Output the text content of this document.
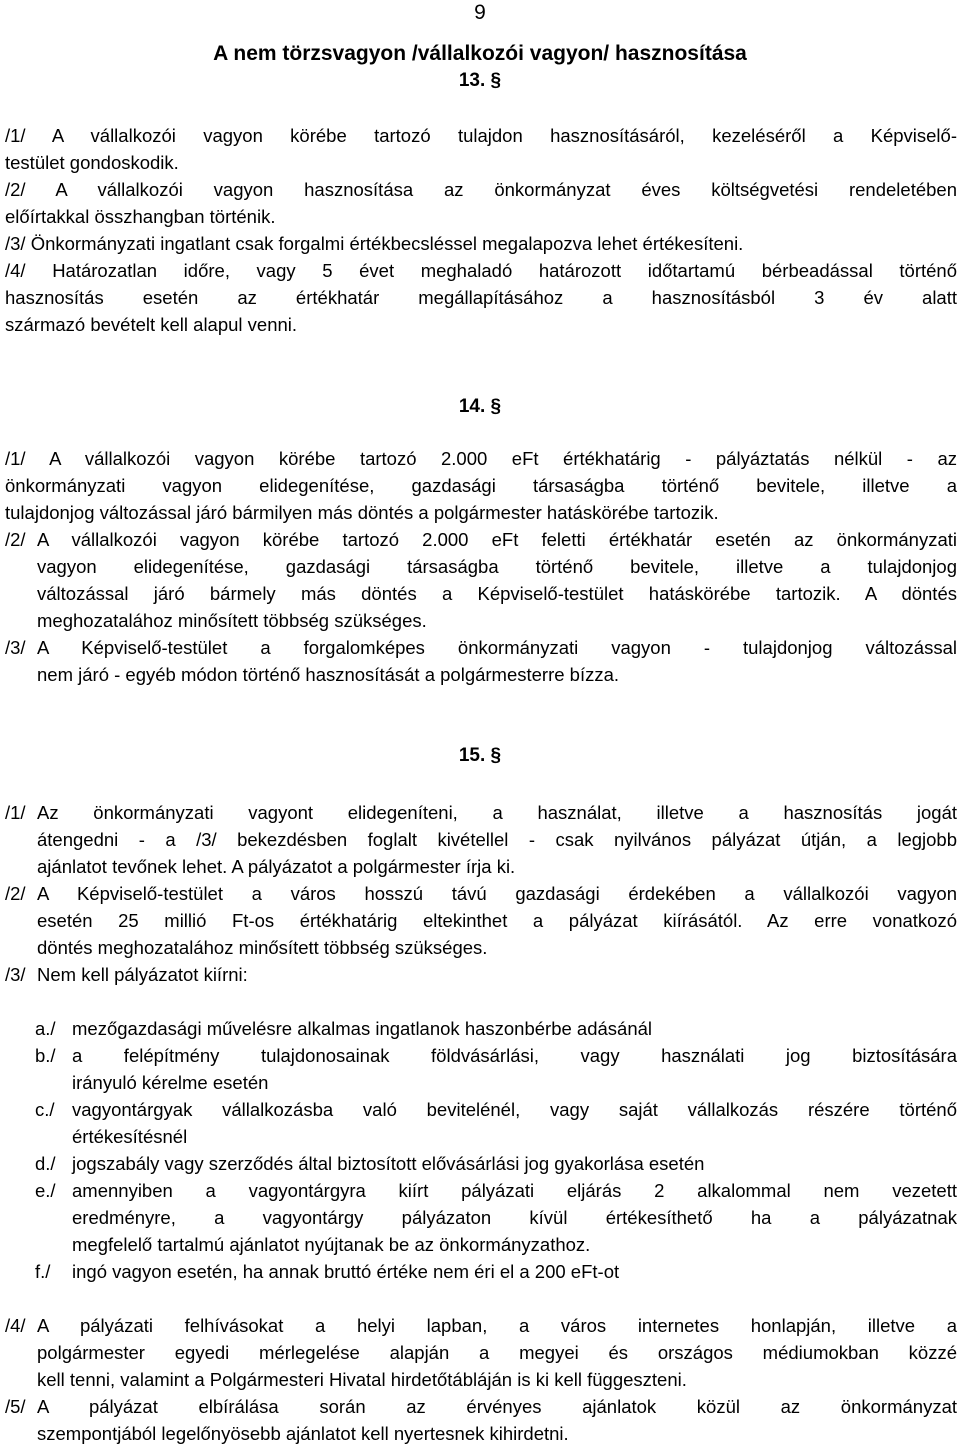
9
A nem törzsvagyon /vállalkozói vagyon/ hasznosítása
13. §
/1/ A vállalkozói vagyon körébe tartozó tulajdon hasznosításáról, kezeléséről a Képviselő-
testület gondoskodik.
/2/ A vállalkozói vagyon hasznosítása az önkormányzat éves költségvetési rendeletében
előírtakkal összhangban történik.
/3/ Önkormányzati ingatlant csak forgalmi értékbecsléssel megalapozva lehet értékesíteni.
/4/ Határozatlan időre, vagy 5 évet meghaladó határozott időtartamú bérbeadással történő
hasznosítás esetén az értékhatár megállapításához a hasznosításból 3 év alatt
származó bevételt kell alapul venni.
14. §
/1/ A vállalkozói vagyon körébe tartozó 2.000 eFt értékhatárig - pályáztatás nélkül - az
önkormányzati vagyon elidegenítése, gazdasági társaságba történő bevitele, illetve a
tulajdonjog változással járó bármilyen más döntés a polgármester hatáskörébe tartozik.
/2/ A vállalkozói vagyon körébe tartozó 2.000 eFt feletti értékhatár esetén az önkormányzati
vagyon elidegenítése, gazdasági társaságba történő bevitele, illetve a tulajdonjog
változással járó bármely más döntés a Képviselő-testület hatáskörébe tartozik. A döntés
meghozatalához minősített többség szükséges.
/3/ A Képviselő-testület a forgalomképes önkormányzati vagyon - tulajdonjog változással
nem járó - egyéb módon történő hasznosítását a polgármesterre bízza.
15. §
/1/ Az önkormányzati vagyont elidegeníteni, a használat, illetve a hasznosítás jogát
átengedni - a /3/ bekezdésben foglalt kivétellel - csak nyilvános pályázat útján, a legjobb
ajánlatot tevőnek lehet. A pályázatot a polgármester írja ki.
/2/ A Képviselő-testület a város hosszú távú gazdasági érdekében a vállalkozói vagyon
esetén 25 millió Ft-os értékhatárig eltekinthet a pályázat kiírásától. Az erre vonatkozó
döntés meghozatalához minősített többség szükséges.
/3/ Nem kell pályázatot kiírni:
a./ mezőgazdasági művelésre alkalmas ingatlanok haszonbérbe adásánál
b./ a felépítmény tulajdonosainak földvásárlási, vagy használati jog biztosítására
irányuló kérelme esetén
c./ vagyontárgyak vállalkozásba való bevitelénél, vagy saját vállalkozás részére történő
értékesítésnél
d./ jogszabály vagy szerződés által biztosított elővásárlási jog gyakorlása esetén
e./ amennyiben a vagyontárgyra kiírt pályázati eljárás 2 alkalommal nem vezetett
eredményre, a vagyontárgy pályázaton kívül értékesíthető ha a pályázatnak
megfelelő tartalmú ajánlatot nyújtanak be az önkormányzathoz.
f./ ingó vagyon esetén, ha annak bruttó értéke nem éri el a 200 eFt-ot
/4/ A pályázati felhívásokat a helyi lapban, a város internetes honlapján, illetve a
polgármester egyedi mérlegelése alapján a megyei és országos médiumokban közzé
kell tenni, valamint a Polgármesteri Hivatal hirdetőtábláján is ki kell függeszteni.
/5/ A pályázat elbírálása során az érvényes ajánlatok közül az önkormányzat
szempontjából legelőnyösebb ajánlatot kell nyertesnek kihirdetni.
